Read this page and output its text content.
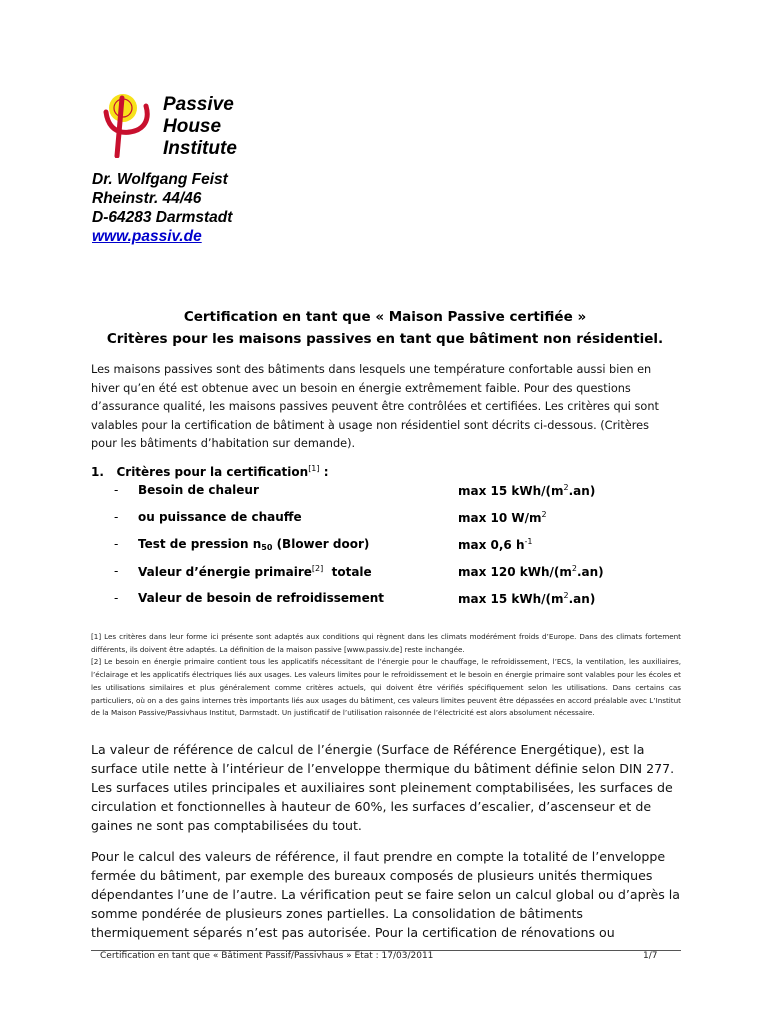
Passive
House
Institute
Dr. Wolfgang Feist
Rheinstr. 44/46
D-64283 Darmstadt
www.passiv.de
Certification en tant que « Maison Passive certifiée »
Critères pour les maisons passives en tant que bâtiment non résidentiel.
Les maisons passives sont des bâtiments dans lesquels une température confortable aussi bien en
hiver qu’en été est obtenue avec un besoin en énergie extrêmement faible. Pour des questions
d’assurance qualité, les maisons passives peuvent être contrôlées et certifiées. Les critères qui sont
valables pour la certification de bâtiment à usage non résidentiel sont décrits ci-dessous. (Critères
pour les bâtiments d’habitation sur demande).
1. Critères pour la certification[1] :
- Besoin de chaleur	max 15 kWh/$(m^2.an)$
- ou puissance de chauffe	max 10 $W/m^2$
- Test de pression $n_{50}$ (Blower door)	max 0,6 $h^{-1}$
- Valeur d’énergie primaire[2]  totale	max 120 kWh/$(m^2.an)$
- Valeur de besoin de refroidissement	max 15 kWh/$(m^2.an)$
[1] Les critères dans leur forme ici présente sont adaptés aux conditions qui règnent dans les climats modérément froids d’Europe. Dans des climats fortement différents, ils doivent être adaptés. La définition de la maison passive [www.passiv.de] reste inchangée.
[2] Le besoin en énergie primaire contient tous les applicatifs nécessitant de l’énergie pour le chauffage, le refroidissement, l’ECS, la ventilation, les auxiliaires, l’éclairage et les applicatifs électriques liés aux usages. Les valeurs limites pour le refroidissement et le besoin en énergie primaire sont valables pour les écoles et les utilisations similaires et plus généralement comme critères actuels, qui doivent être vérifiés spécifiquement selon les utilisations. Dans certains cas particuliers, où on a des gains internes très importants liés aux usages du bâtiment, ces valeurs limites peuvent être dépassées en accord préalable avec L’Institut de la Maison Passive/Passivhaus Institut, Darmstadt. Un justificatif de l’utilisation raisonnée de l’électricité est alors absolument nécessaire.
La valeur de référence de calcul de l’énergie (Surface de Référence Energétique), est la
surface utile nette à l’intérieur de l’enveloppe thermique du bâtiment définie selon DIN 277.
Les surfaces utiles principales et auxiliaires sont pleinement comptabilisées, les surfaces de
circulation et fonctionnelles à hauteur de 60%, les surfaces d’escalier, d’ascenseur et de
gaines ne sont pas comptabilisées du tout.
Pour le calcul des valeurs de référence, il faut prendre en compte la totalité de l’enveloppe
fermée du bâtiment, par exemple des bureaux composés de plusieurs unités thermiques
dépendantes l’une de l’autre. La vérification peut se faire selon un calcul global ou d’après la
somme pondérée de plusieurs zones partielles. La consolidation de bâtiments
thermiquement séparés n’est pas autorisée. Pour la certification de rénovations ou
Certification en tant que « Bâtiment Passif/Passivhaus » Etat : 17/03/2011	1/7
